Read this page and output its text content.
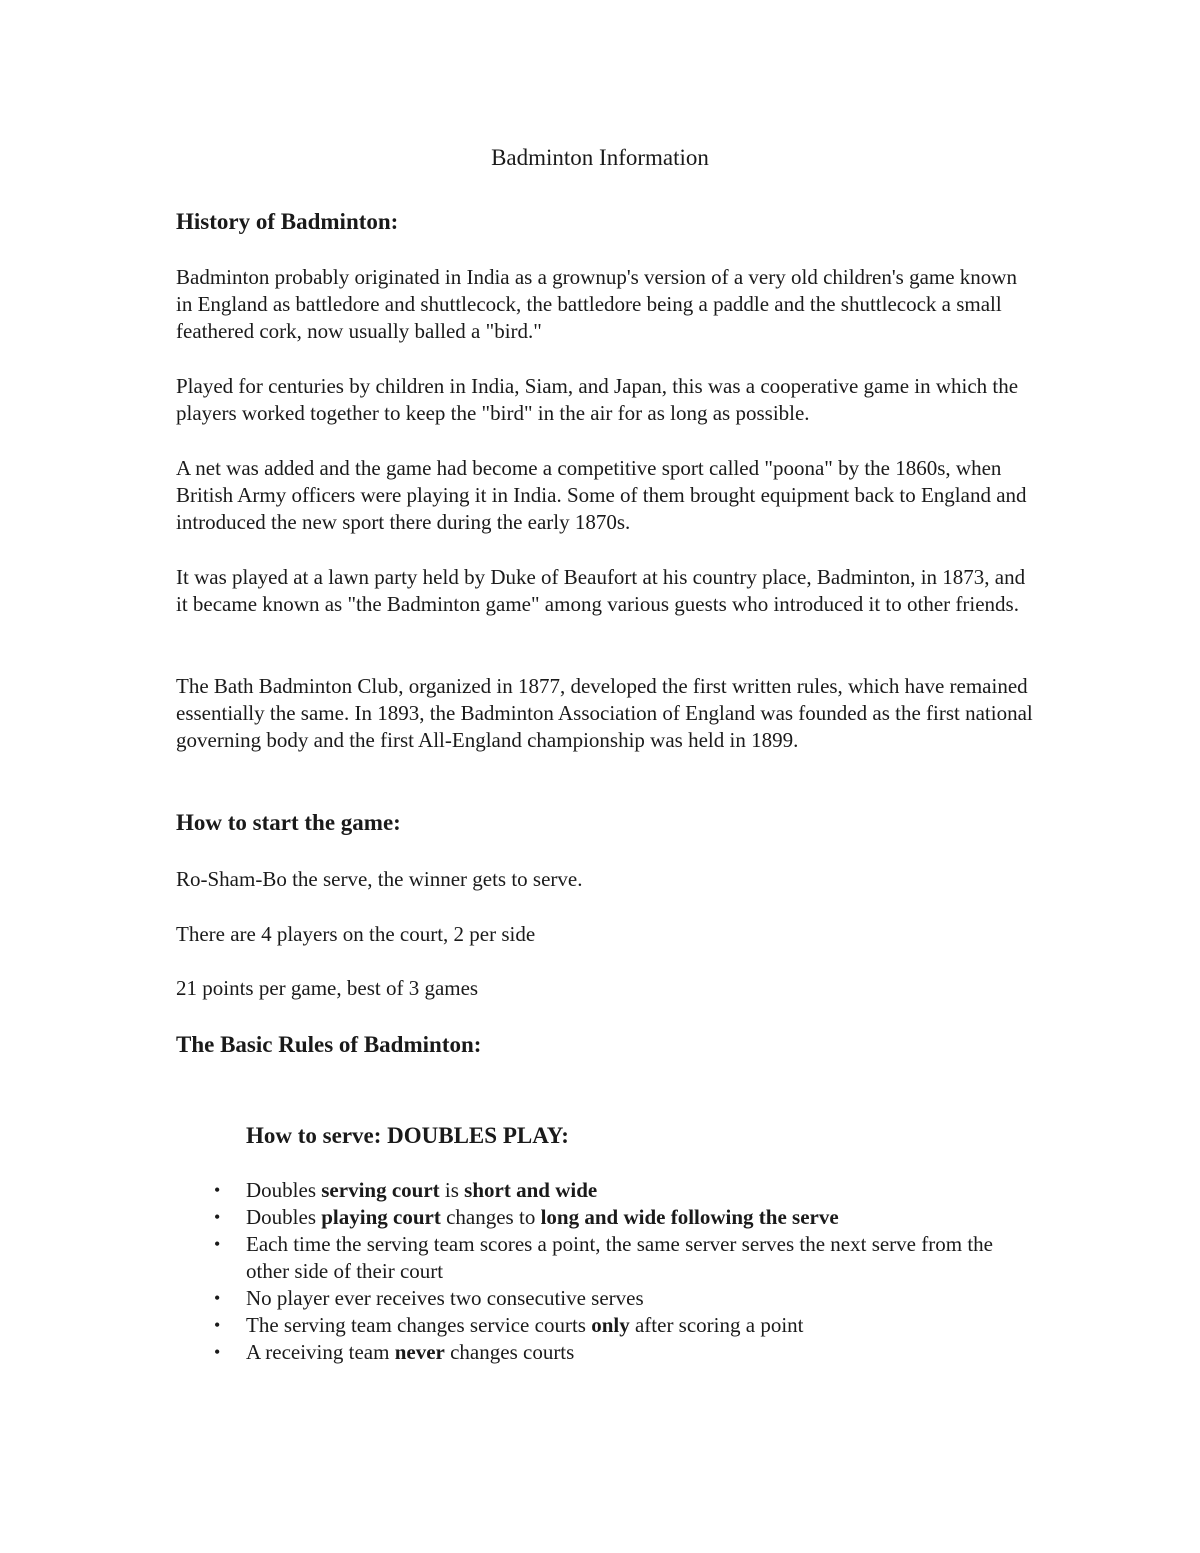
Badminton Information
History of Badminton:

Badminton probably originated in India as a grownup's version of a very old children's game known in England as battledore and shuttlecock, the battledore being a paddle and the shuttlecock a small feathered cork, now usually balled a "bird."

Played for centuries by children in India, Siam, and Japan, this was a cooperative game in which the players worked together to keep the "bird" in the air for as long as possible.

A net was added and the game had become a competitive sport called "poona" by the 1860s, when British Army officers were playing it in India. Some of them brought equipment back to England and introduced the new sport there during the early 1870s.

It was played at a lawn party held by Duke of Beaufort at his country place, Badminton, in 1873, and it became known as "the Badminton game" among various guests who introduced it to other friends.

The Bath Badminton Club, organized in 1877, developed the first written rules, which have remained essentially the same. In 1893, the Badminton Association of England was founded as the first national governing body and the first All-England championship was held in 1899.

How to start the game:

Ro-Sham-Bo the serve, the winner gets to serve.

There are 4 players on the court, 2 per side

21 points per game, best of 3 games

The Basic Rules of Badminton:
How to serve: DOUBLES PLAY:
• Doubles serving court is short and wide
• Doubles playing court changes to long and wide following the serve
• Each time the serving team scores a point, the same server serves the next serve from the other side of their court
• No player ever receives two consecutive serves
• The serving team changes service courts only after scoring a point
• A receiving team never changes courts
